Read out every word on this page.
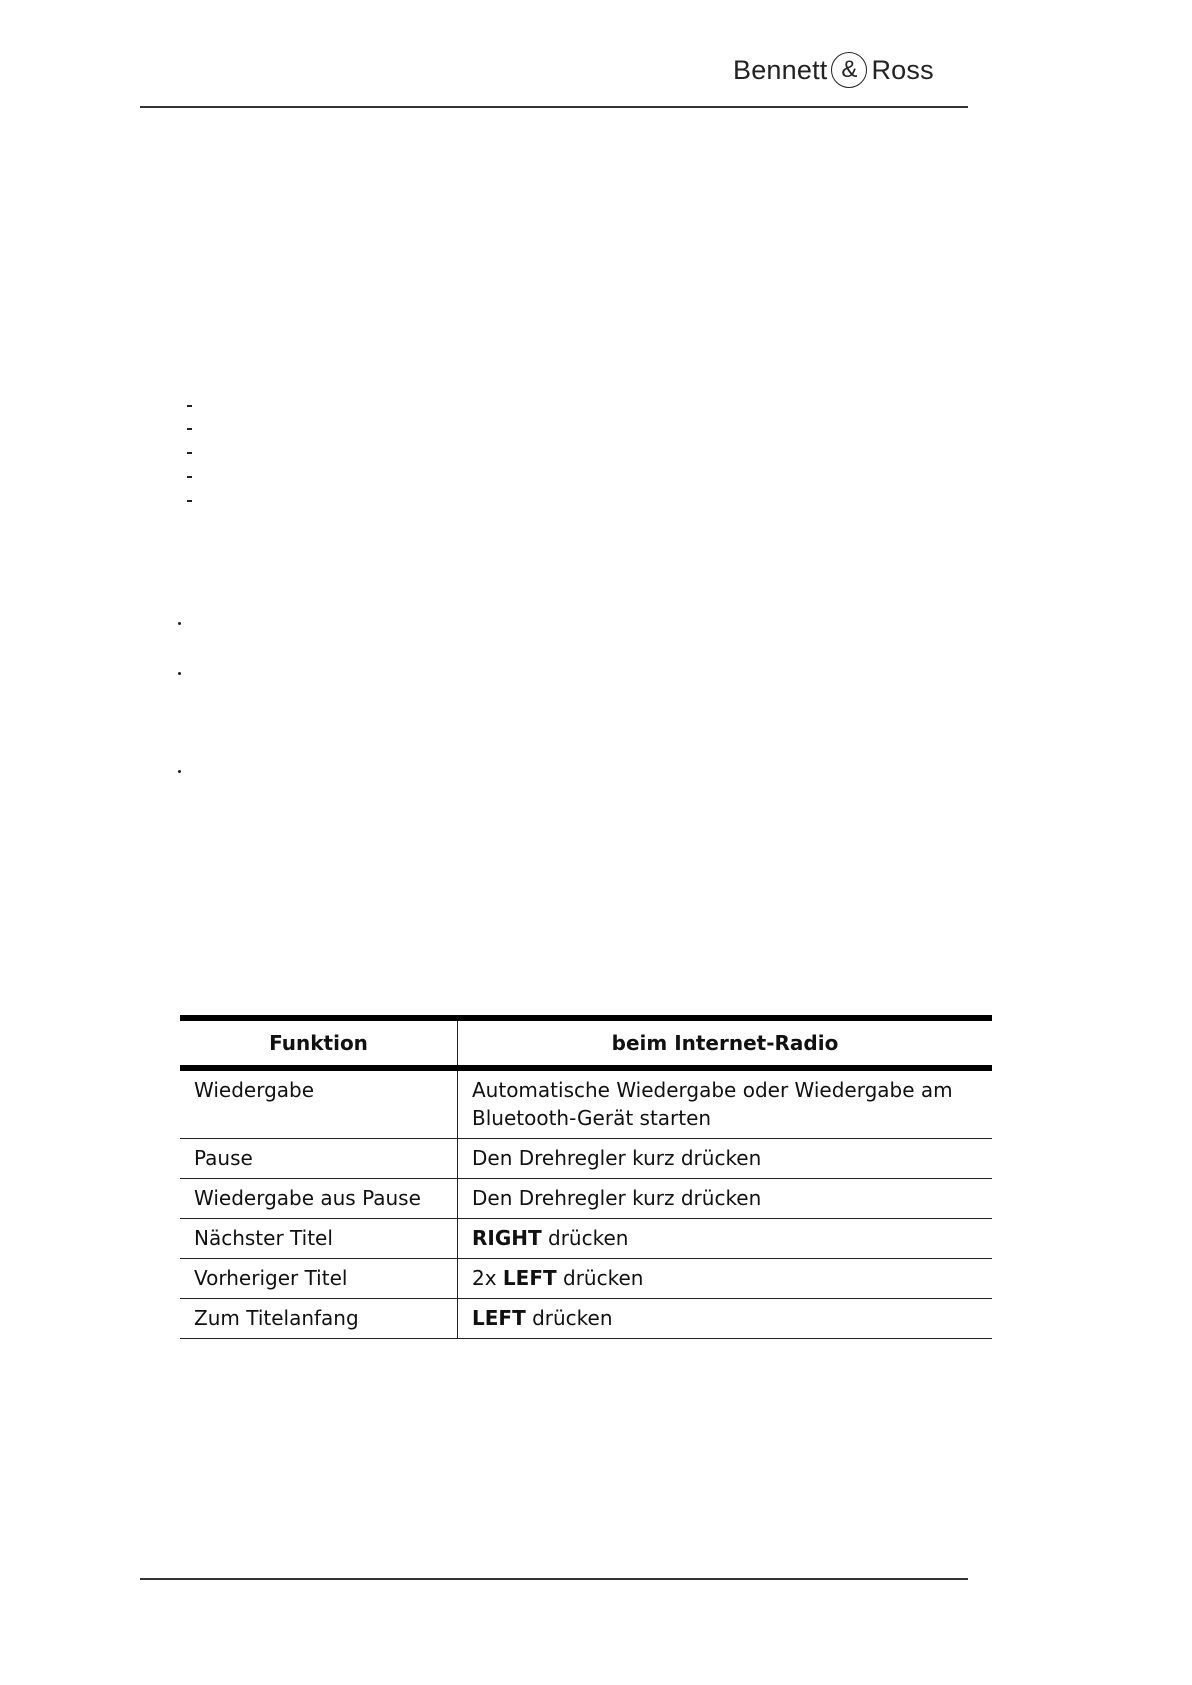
Bennett & Ross
Funktion	beim Internet-Radio
Wiedergabe	Automatische Wiedergabe oder Wiedergabe am Bluetooth-Gerät starten
Pause	Den Drehregler kurz drücken
Wiedergabe aus Pause	Den Drehregler kurz drücken
Nächster Titel	RIGHT drücken
Vorheriger Titel	2x LEFT drücken
Zum Titelanfang	LEFT drücken
